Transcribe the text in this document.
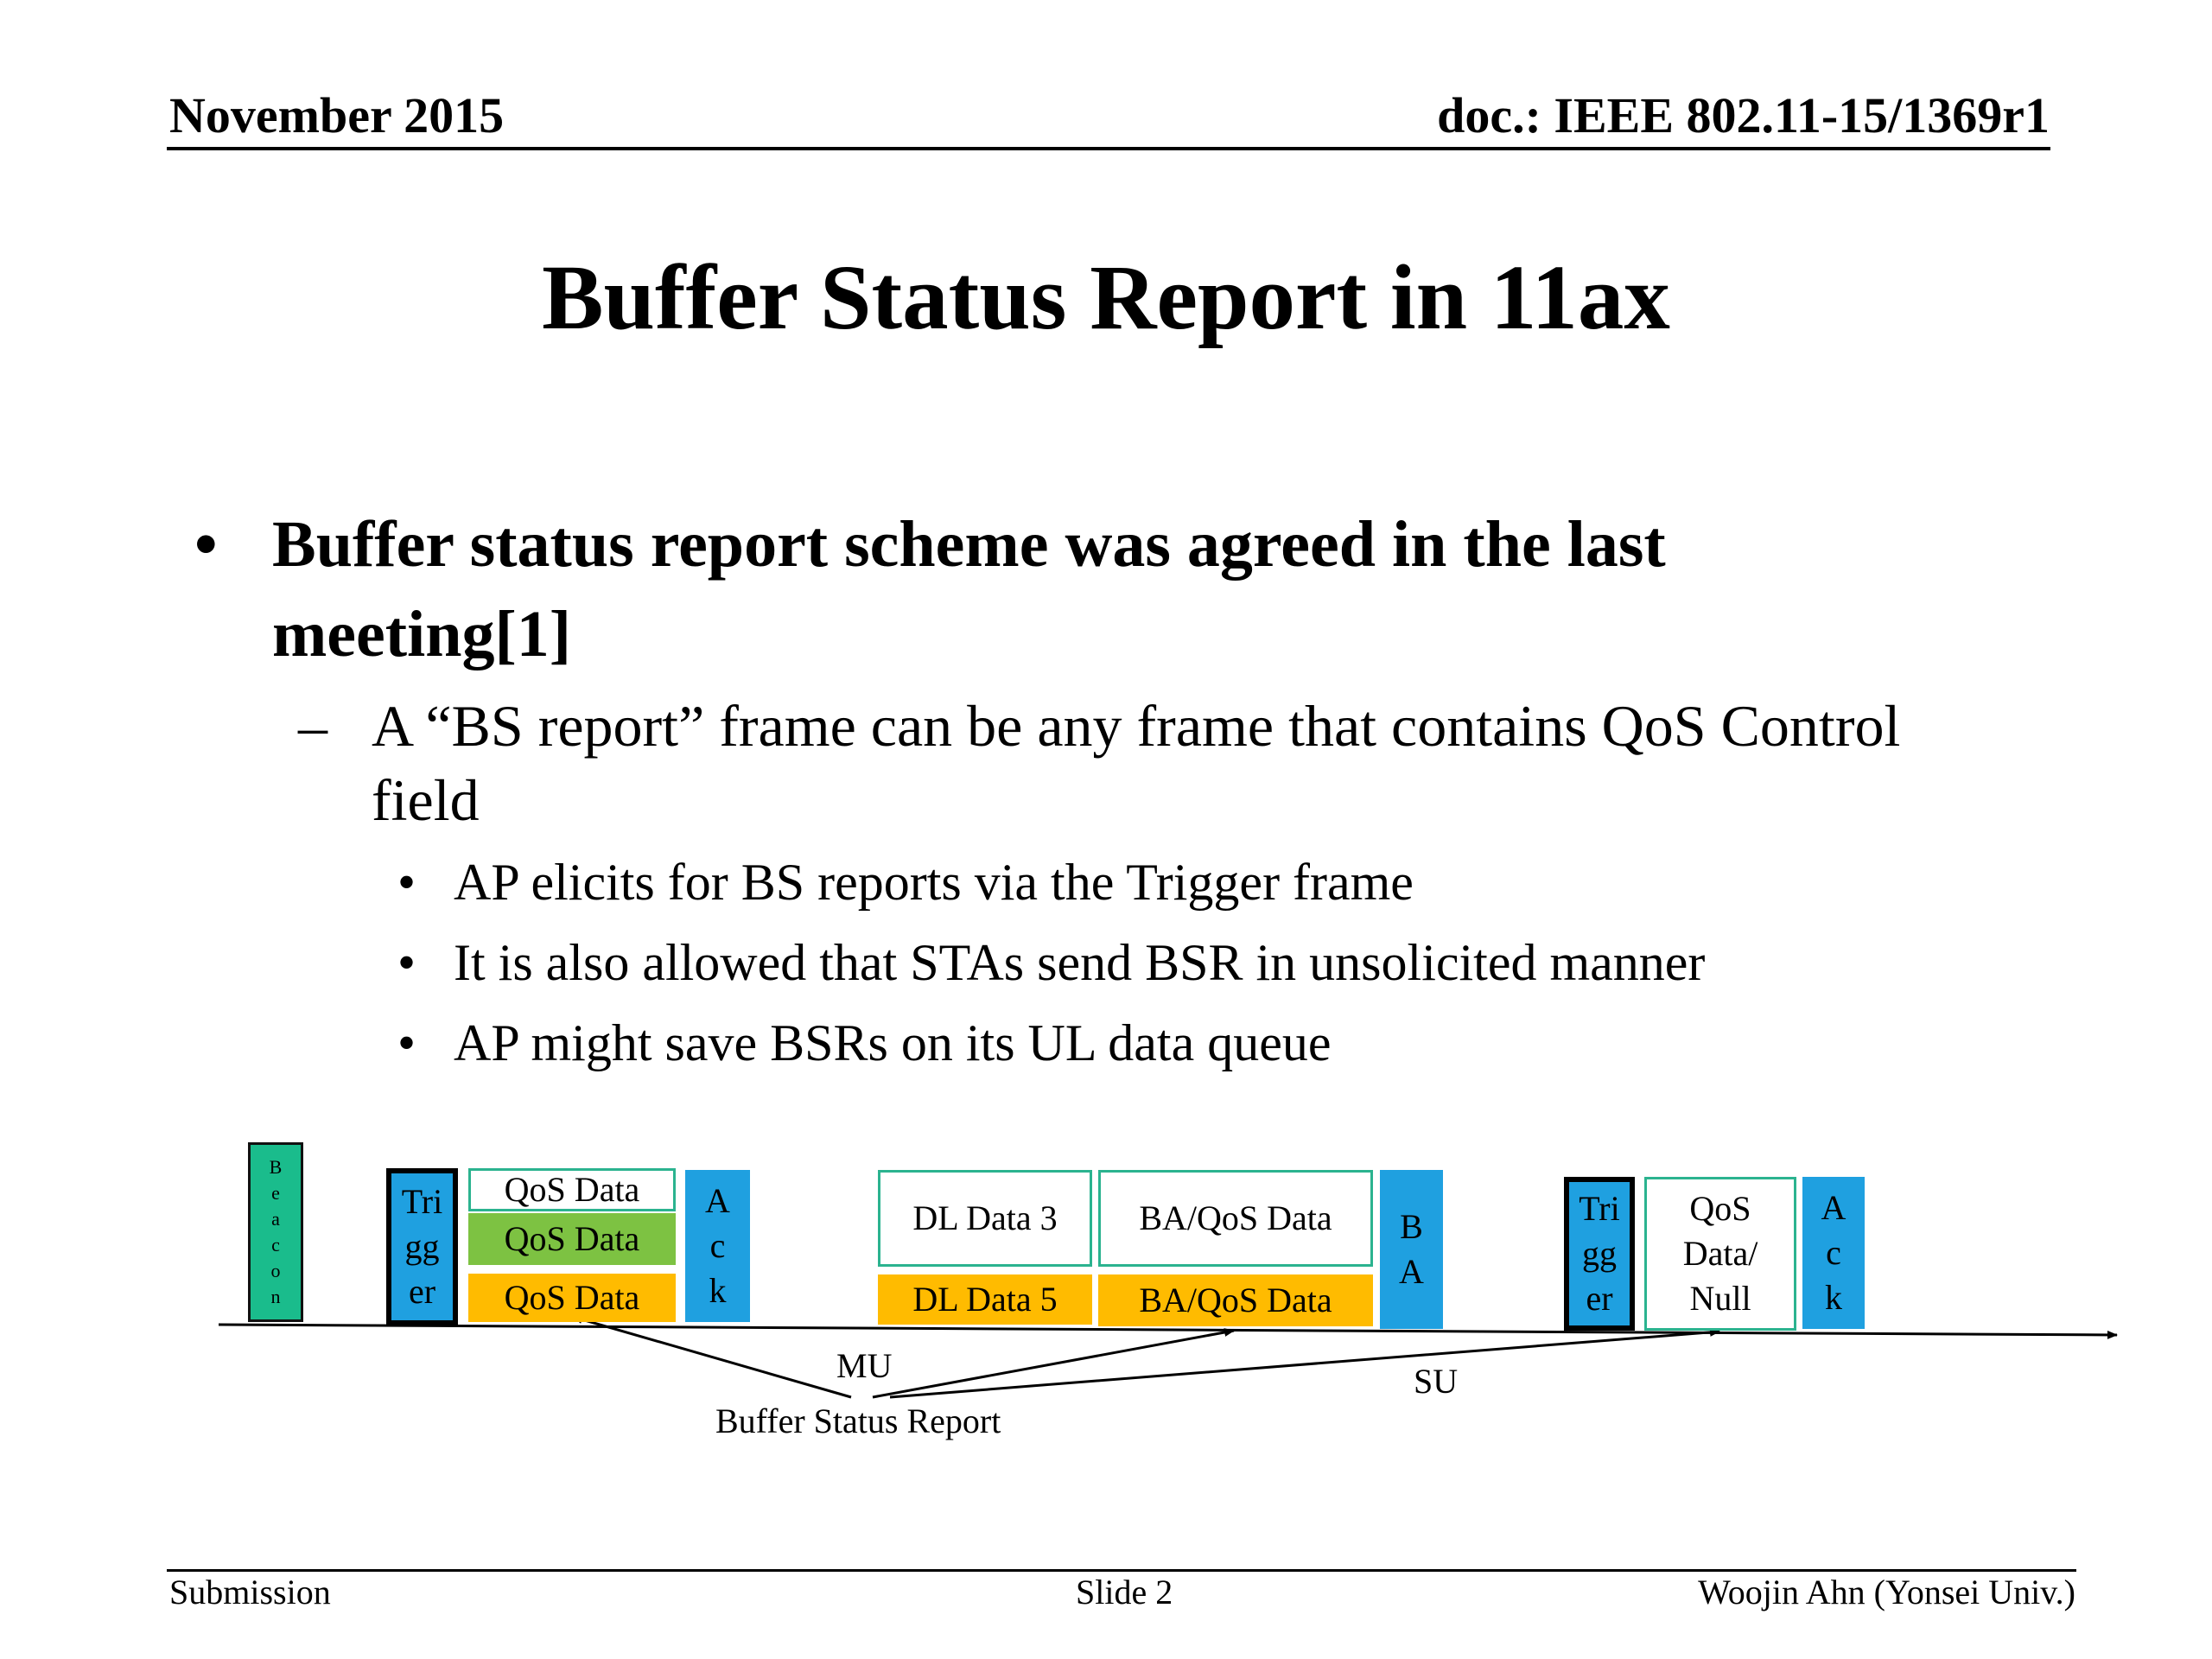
November 2015	doc.: IEEE 802.11-15/1369r1
Buffer Status Report in 11ax
• Buffer status report scheme was agreed in the last meeting[1]
– A “BS report” frame can be any frame that contains QoS Control field
• AP elicits for BS reports via the Trigger frame
• It is also allowed that STAs send BSR in unsolicited manner
• AP might save BSRs on its UL data queue
B
e
a
c
o
n
Tri
gg
er
QoS Data
QoS Data
QoS Data
A
c
k
DL Data 3
DL Data 5
BA/QoS Data
BA/QoS Data
B
A
Tri
gg
er
QoS
Data/
Null
A
c
k
MU	SU
Buffer Status Report
Submission	Slide 2	Woojin Ahn (Yonsei Univ.)
